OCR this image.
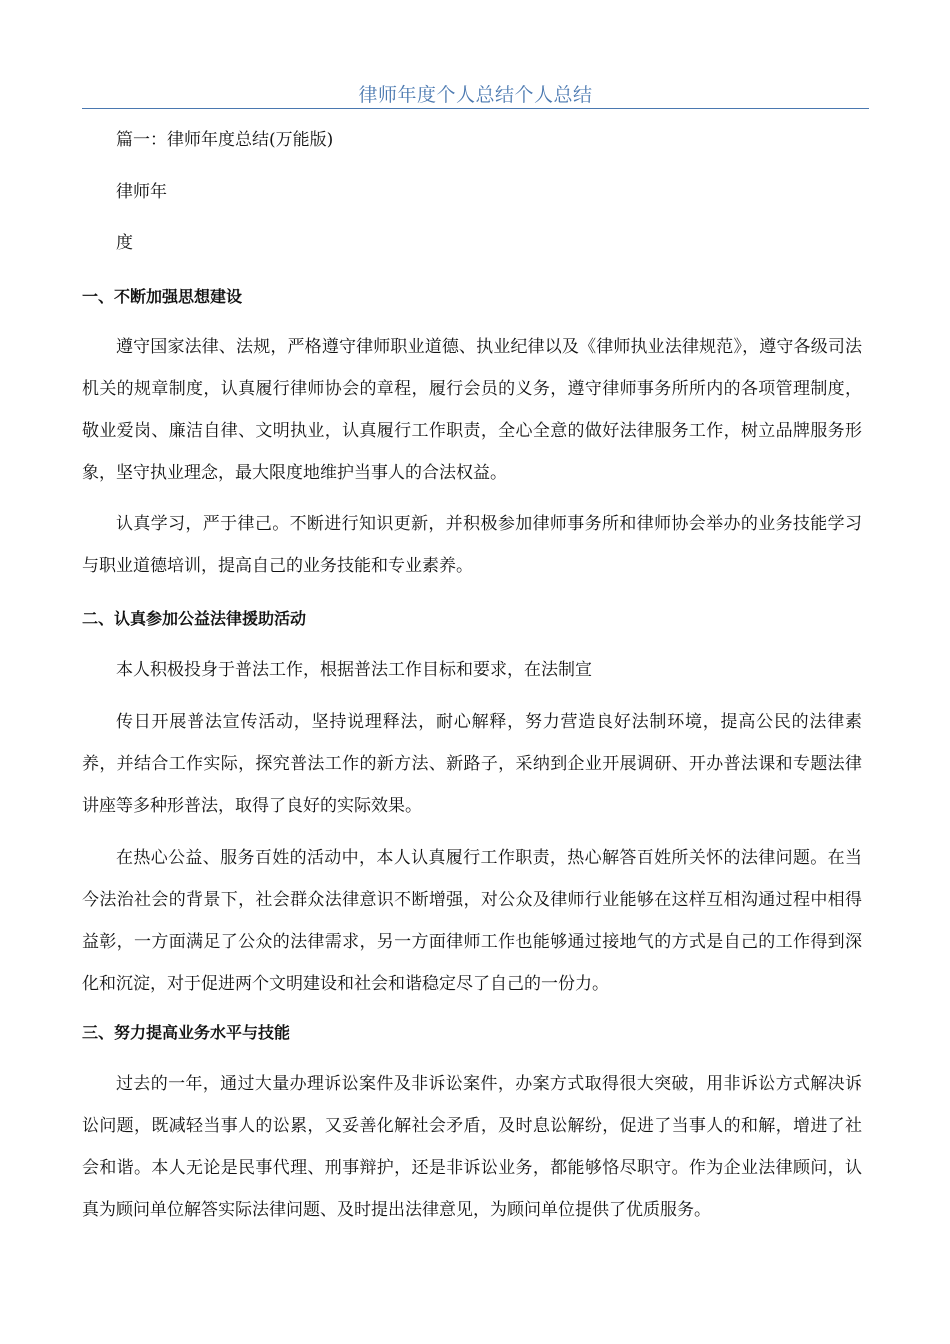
律师年度个人总结个人总结
篇一：律师年度总结(万能版)
律师年
度
一、不断加强思想建设
遵守国家法律、法规，严格遵守律师职业道德、执业纪律以及《律师执业法律规范》，遵守各级司法机关的规章制度，认真履行律师协会的章程，履行会员的义务，遵守律师事务所所内的各项管理制度，敬业爱岗、廉洁自律、文明执业，认真履行工作职责，全心全意的做好法律服务工作，树立品牌服务形象，坚守执业理念，最大限度地维护当事人的合法权益。
认真学习，严于律己。不断进行知识更新，并积极参加律师事务所和律师协会举办的业务技能学习与职业道德培训，提高自己的业务技能和专业素养。
二、认真参加公益法律援助活动
本人积极投身于普法工作，根据普法工作目标和要求，在法制宣
传日开展普法宣传活动，坚持说理释法，耐心解释，努力营造良好法制环境，提高公民的法律素养，并结合工作实际，探究普法工作的新方法、新路子，采纳到企业开展调研、开办普法课和专题法律讲座等多种形普法，取得了良好的实际效果。
在热心公益、服务百姓的活动中，本人认真履行工作职责，热心解答百姓所关怀的法律问题。在当今法治社会的背景下，社会群众法律意识不断增强，对公众及律师行业能够在这样互相沟通过程中相得益彰，一方面满足了公众的法律需求，另一方面律师工作也能够通过接地气的方式是自己的工作得到深化和沉淀，对于促进两个文明建设和社会和谐稳定尽了自己的一份力。
三、努力提高业务水平与技能
过去的一年，通过大量办理诉讼案件及非诉讼案件，办案方式取得很大突破，用非诉讼方式解决诉讼问题，既减轻当事人的讼累，又妥善化解社会矛盾，及时息讼解纷，促进了当事人的和解，增进了社会和谐。本人无论是民事代理、刑事辩护，还是非诉讼业务，都能够恪尽职守。作为企业法律顾问，认真为顾问单位解答实际法律问题、及时提出法律意见，为顾问单位提供了优质服务。
